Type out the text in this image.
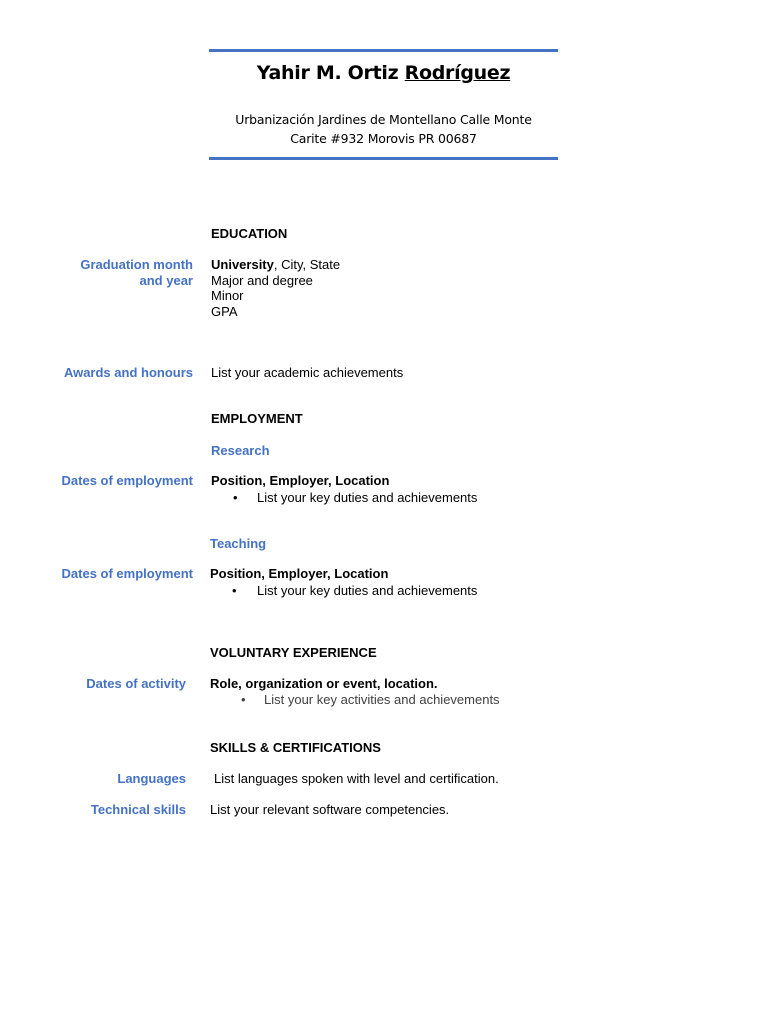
Yahir M. Ortiz Rodríguez
Urbanización Jardines de Montellano Calle Monte
Carite #932 Morovis PR 00687
EDUCATION
Graduation month
and year
University, City, State
Major and degree
Minor
GPA
Awards and honours List your academic achievements
EMPLOYMENT
Research
Dates of employment Position, Employer, Location
• List your key duties and achievements
Teaching
Dates of employment Position, Employer, Location
• List your key duties and achievements
VOLUNTARY EXPERIENCE
Dates of activity Role, organization or event, location.
• List your key activities and achievements
SKILLS & CERTIFICATIONS
Languages List languages spoken with level and certification.
Technical skills List your relevant software competencies.
